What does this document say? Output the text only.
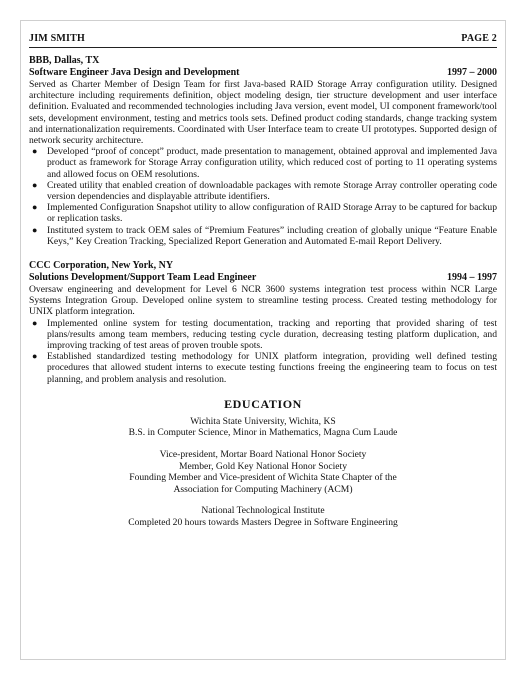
JIM SMITH	PAGE 2
BBB, Dallas, TX
Software Engineer Java Design and Development	1997 – 2000
Served as Charter Member of Design Team for first Java-based RAID Storage Array configuration utility. Designed architecture including requirements definition, object modeling design, tier structure development and user interface definition. Evaluated and recommended technologies including Java version, event model, UI component framework/tool sets, development environment, testing and metrics tools sets. Defined product coding standards, change tracking system and internationalization requirements. Coordinated with User Interface team to create UI prototypes. Supported design of network security architecture.
● Developed “proof of concept” product, made presentation to management, obtained approval and implemented Java product as framework for Storage Array configuration utility, which reduced cost of porting to 11 operating systems and allowed focus on OEM resolutions.
● Created utility that enabled creation of downloadable packages with remote Storage Array controller operating code version dependencies and displayable attribute identifiers.
● Implemented Configuration Snapshot utility to allow configuration of RAID Storage Array to be captured for backup or replication tasks.
● Instituted system to track OEM sales of “Premium Features” including creation of globally unique “Feature Enable Keys,” Key Creation Tracking, Specialized Report Generation and Automated E-mail Report Delivery.
CCC Corporation, New York, NY
Solutions Development/Support Team Lead Engineer	1994 – 1997
Oversaw engineering and development for Level 6 NCR 3600 systems integration test process within NCR Large Systems Integration Group. Developed online system to streamline testing process. Created testing methodology for UNIX platform integration.
● Implemented online system for testing documentation, tracking and reporting that provided sharing of test plans/results among team members, reducing testing cycle duration, decreasing testing platform duplication, and improving tracking of test areas of proven trouble spots.
● Established standardized testing methodology for UNIX platform integration, providing well defined testing procedures that allowed student interns to execute testing functions freeing the engineering team to focus on test planning, and problem analysis and resolution.
EDUCATION
Wichita State University, Wichita, KS
B.S. in Computer Science, Minor in Mathematics, Magna Cum Laude
Vice-president, Mortar Board National Honor Society
Member, Gold Key National Honor Society
Founding Member and Vice-president of Wichita State Chapter of the
Association for Computing Machinery (ACM)
National Technological Institute
Completed 20 hours towards Masters Degree in Software Engineering
